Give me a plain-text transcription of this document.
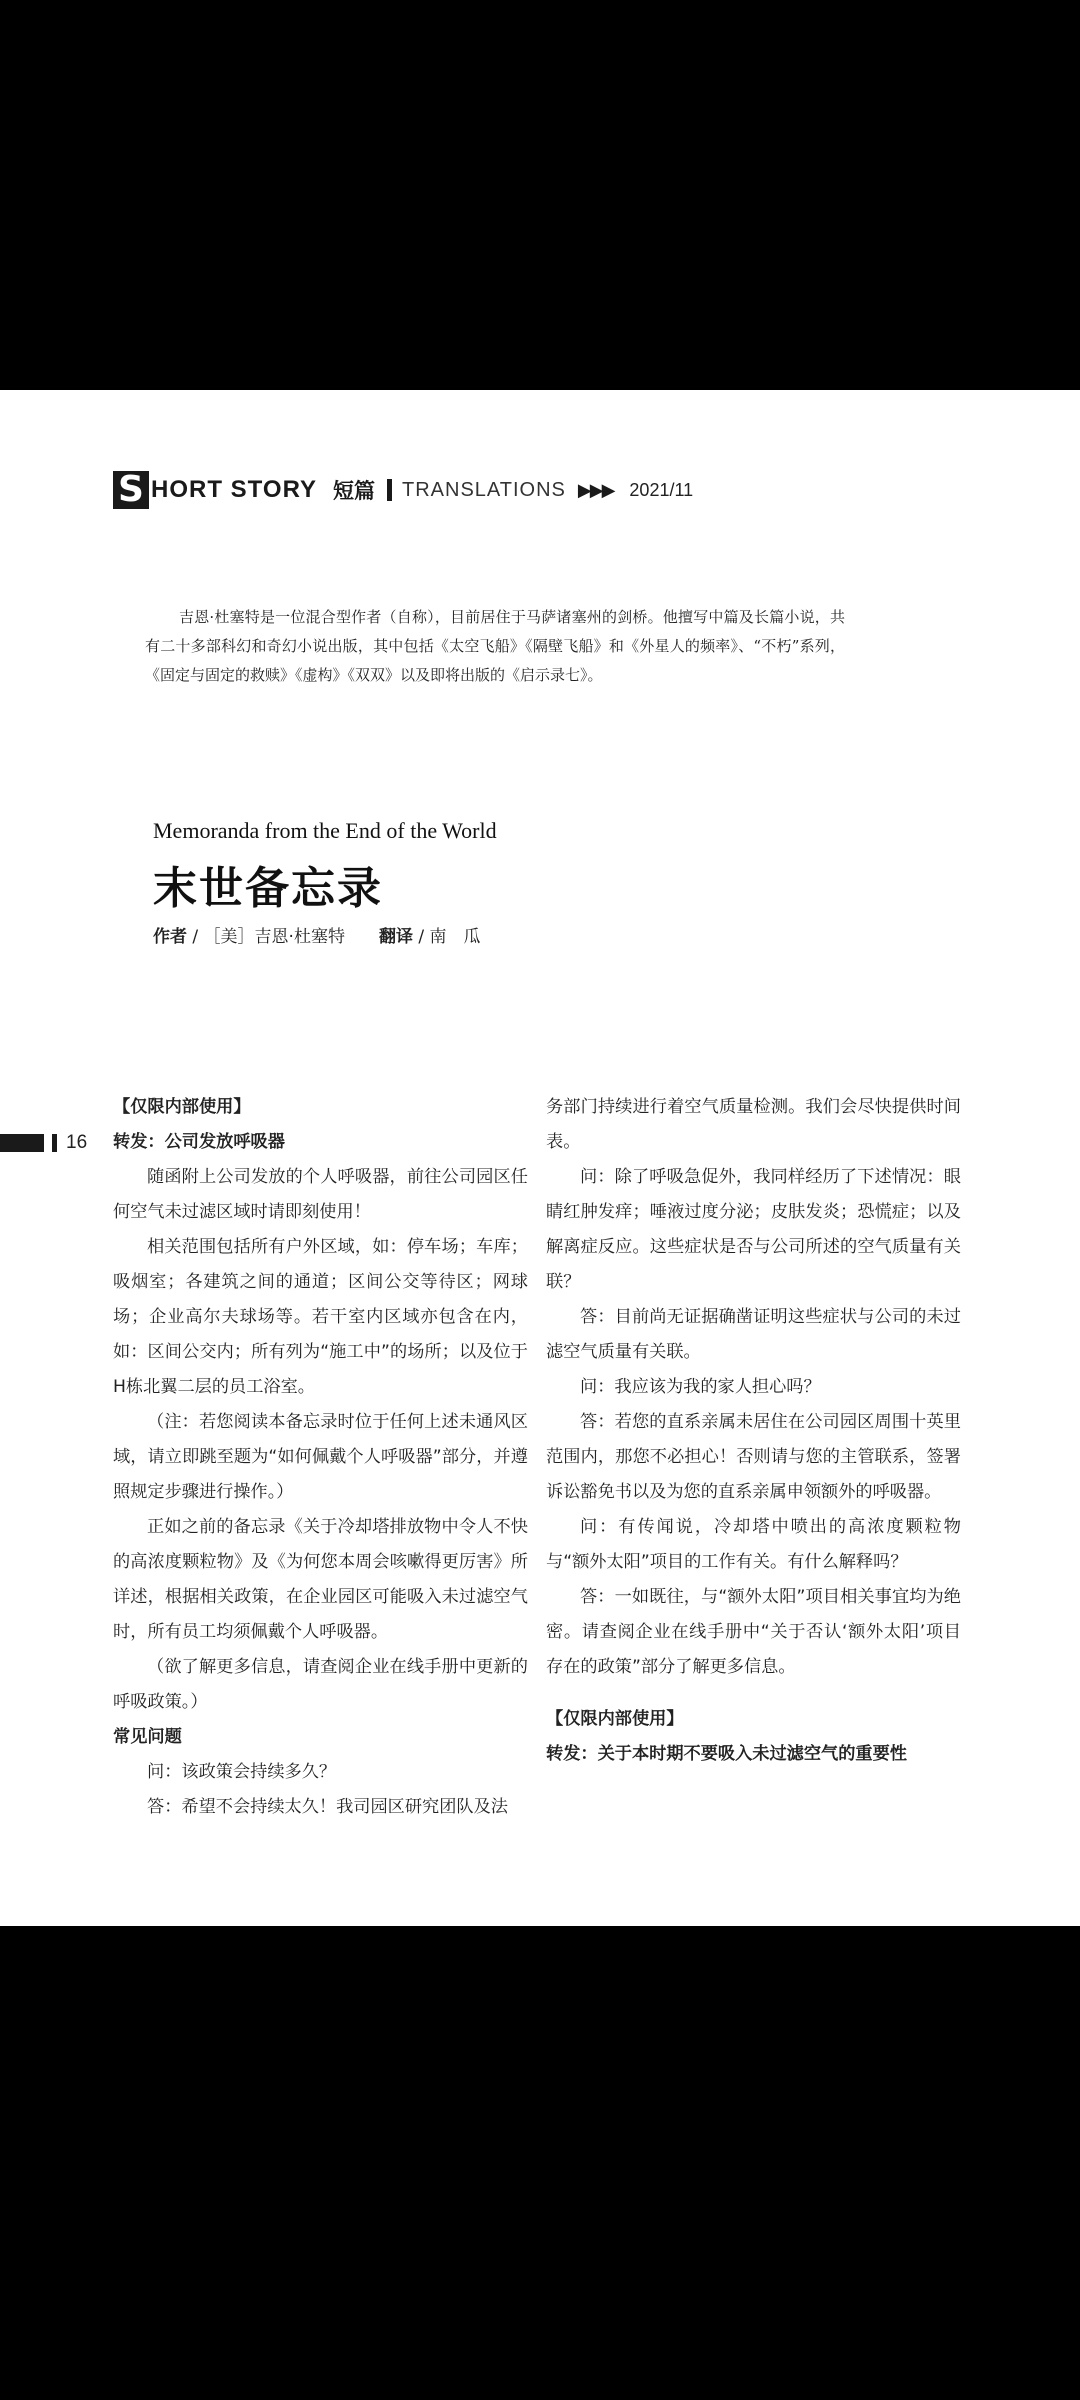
S HORT STORY 短篇 TRANSLATIONS ▶▶▶ 2021/11

吉恩·杜塞特是一位混合型作者（自称），目前居住于马萨诸塞州的剑桥。他擅写中篇及长篇小说，共有二十多部科幻和奇幻小说出版，其中包括《太空飞船》《隔壁飞船》和《外星人的频率》、“不朽”系列，《固定与固定的救赎》《虚构》《双双》以及即将出版的《启示录七》。

Memoranda from the End of the World
末世备忘录
作者 / ［美］吉恩·杜塞特 翻译 / 南　瓜
16

【仅限内部使用】

转发：公司发放呼吸器

随函附上公司发放的个人呼吸器，前往公司园区任何空气未过滤区域时请即刻使用！

相关范围包括所有户外区域，如：停车场；车库；吸烟室；各建筑之间的通道；区间公交等待区；网球场；企业高尔夫球场等。若干室内区域亦包含在内，如：区间公交内；所有列为“施工中”的场所；以及位于H栋北翼二层的员工浴室。

（注：若您阅读本备忘录时位于任何上述未通风区域，请立即跳至题为“如何佩戴个人呼吸器”部分，并遵照规定步骤进行操作。）

正如之前的备忘录《关于冷却塔排放物中令人不快的高浓度颗粒物》及《为何您本周会咳嗽得更厉害》所详述，根据相关政策，在企业园区可能吸入未过滤空气时，所有员工均须佩戴个人呼吸器。

（欲了解更多信息，请查阅企业在线手册中更新的呼吸政策。）

常见问题

问：该政策会持续多久？

答：希望不会持续太久！我司园区研究团队及法

务部门持续进行着空气质量检测。我们会尽快提供时间表。

问：除了呼吸急促外，我同样经历了下述情况：眼睛红肿发痒；唾液过度分泌；皮肤发炎；恐慌症；以及解离症反应。这些症状是否与公司所述的空气质量有关联？

答：目前尚无证据确凿证明这些症状与公司的未过滤空气质量有关联。

问：我应该为我的家人担心吗？

答：若您的直系亲属未居住在公司园区周围十英里范围内，那您不必担心！否则请与您的主管联系，签署诉讼豁免书以及为您的直系亲属申领额外的呼吸器。

问：有传闻说，冷却塔中喷出的高浓度颗粒物与“额外太阳”项目的工作有关。有什么解释吗？

答：一如既往，与“额外太阳”项目相关事宜均为绝密。请查阅企业在线手册中“关于否认‘额外太阳’项目存在的政策”部分了解更多信息。

【仅限内部使用】

转发：关于本时期不要吸入未过滤空气的重要性
